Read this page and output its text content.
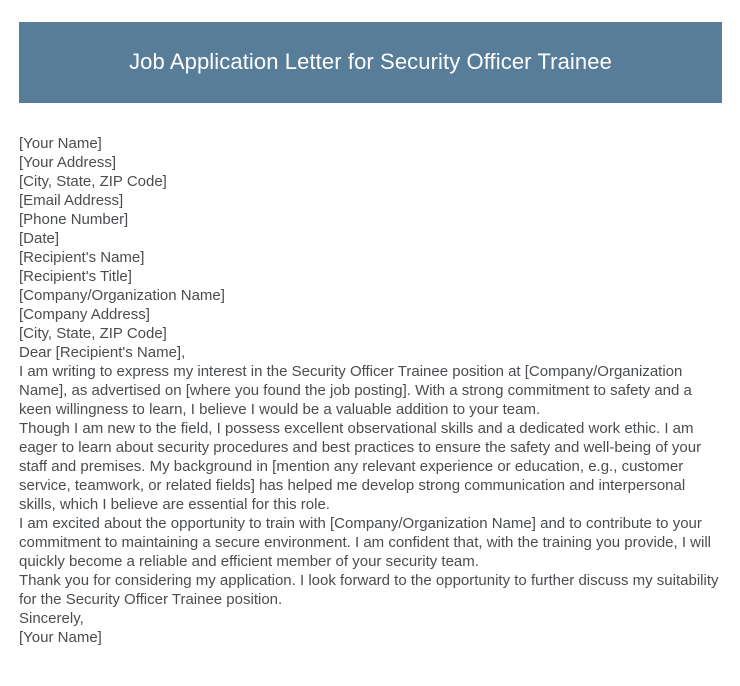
Job Application Letter for Security Officer Trainee
[Your Name]
[Your Address]
[City, State, ZIP Code]
[Email Address]
[Phone Number]
[Date]
[Recipient's Name]
[Recipient's Title]
[Company/Organization Name]
[Company Address]
[City, State, ZIP Code]
Dear [Recipient's Name],

I am writing to express my interest in the Security Officer Trainee position at [Company/Organization Name], as advertised on [where you found the job posting]. With a strong commitment to safety and a keen willingness to learn, I believe I would be a valuable addition to your team.

Though I am new to the field, I possess excellent observational skills and a dedicated work ethic. I am eager to learn about security procedures and best practices to ensure the safety and well-being of your staff and premises. My background in [mention any relevant experience or education, e.g., customer service, teamwork, or related fields] has helped me develop strong communication and interpersonal skills, which I believe are essential for this role.

I am excited about the opportunity to train with [Company/Organization Name] and to contribute to your commitment to maintaining a secure environment. I am confident that, with the training you provide, I will quickly become a reliable and efficient member of your security team.

Thank you for considering my application. I look forward to the opportunity to further discuss my suitability for the Security Officer Trainee position.

Sincerely,
[Your Name]
